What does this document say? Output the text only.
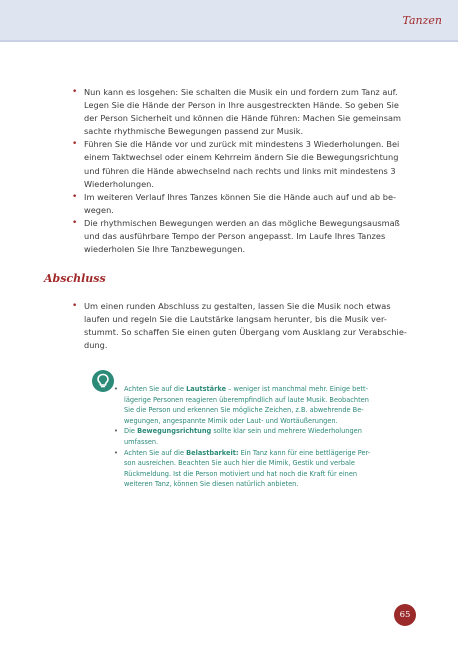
Tanzen
• Nun kann es losgehen: Sie schalten die Musik ein und fordern zum Tanz auf.
Legen Sie die Hände der Person in Ihre ausgestreckten Hände. So geben Sie
der Person Sicherheit und können die Hände führen: Machen Sie gemeinsam
sachte rhythmische Bewegungen passend zur Musik.
• Führen Sie die Hände vor und zurück mit mindestens 3 Wiederholungen. Bei
einem Taktwechsel oder einem Kehrreim ändern Sie die Bewegungsrichtung
und führen die Hände abwechselnd nach rechts und links mit mindestens 3
Wiederholungen.
• Im weiteren Verlauf Ihres Tanzes können Sie die Hände auch auf und ab be-
wegen.
• Die rhythmischen Bewegungen werden an das mögliche Bewegungsausmaß
und das ausführbare Tempo der Person angepasst. Im Laufe Ihres Tanzes
wiederholen Sie Ihre Tanzbewegungen.
Abschluss
• Um einen runden Abschluss zu gestalten, lassen Sie die Musik noch etwas
laufen und regeln Sie die Lautstärke langsam herunter, bis die Musik ver-
stummt. So schaffen Sie einen guten Übergang vom Ausklang zur Verabschie-
dung.
• Achten Sie auf die Lautstärke – weniger ist manchmal mehr. Einige bett-
lägerige Personen reagieren überempfindlich auf laute Musik. Beobachten
Sie die Person und erkennen Sie mögliche Zeichen, z.B. abwehrende Be-
wegungen, angespannte Mimik oder Laut- und Wortäußerungen.
• Die Bewegungsrichtung sollte klar sein und mehrere Wiederholungen
umfassen.
• Achten Sie auf die Belastbarkeit: Ein Tanz kann für eine bettlägerige Per-
son ausreichen. Beachten Sie auch hier die Mimik, Gestik und verbale
Rückmeldung. Ist die Person motiviert und hat noch die Kraft für einen
weiteren Tanz, können Sie diesen natürlich anbieten.
65
